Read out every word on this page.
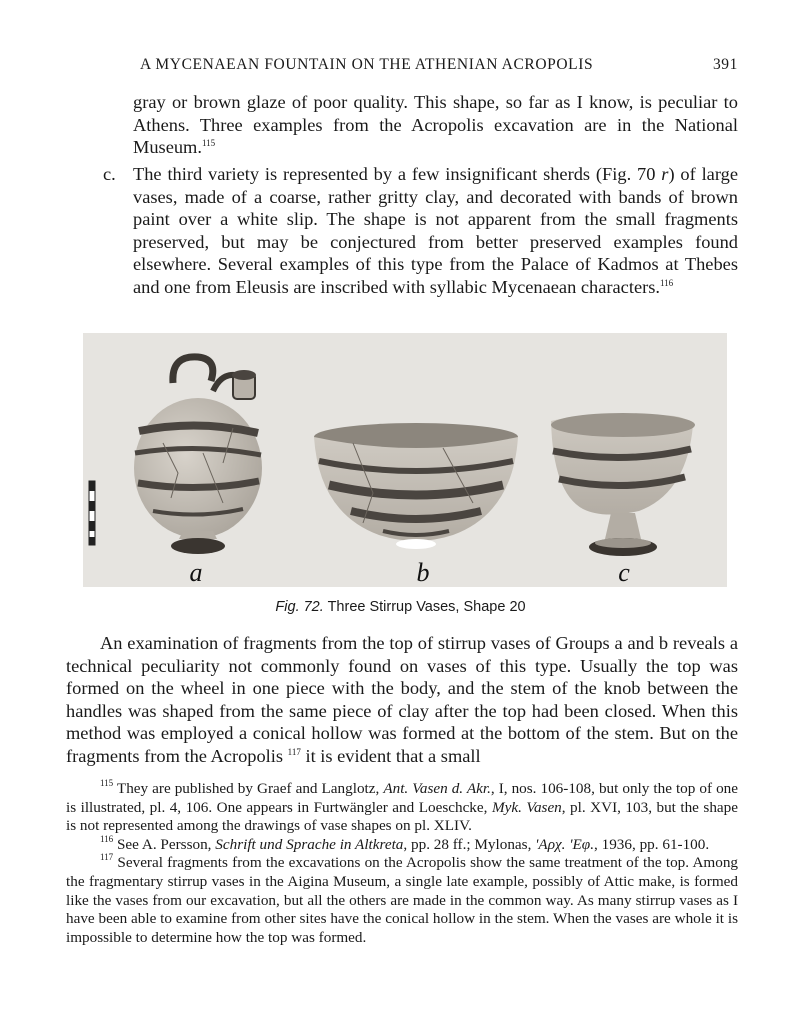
A MYCENAEAN FOUNTAIN ON THE ATHENIAN ACROPOLIS	391
gray or brown glaze of poor quality. This shape, so far as I know, is peculiar to Athens. Three examples from the Acropolis excavation are in the National Museum.$^{115}$
c. The third variety is represented by a few insignificant sherds (Fig. 70 r) of large vases, made of a coarse, rather gritty clay, and decorated with bands of brown paint over a white slip. The shape is not apparent from the small fragments preserved, but may be conjectured from better preserved examples found elsewhere. Several examples of this type from the Palace of Kadmos at Thebes and one from Eleusis are inscribed with syllabic Mycenaean characters.$^{116}$
a	b	c
Fig. 72. Three Stirrup Vases, Shape 20

An examination of fragments from the top of stirrup vases of Groups a and b reveals a technical peculiarity not commonly found on vases of this type. Usually the top was formed on the wheel in one piece with the body, and the stem of the knob between the handles was shaped from the same piece of clay after the top had been closed. When this method was employed a conical hollow was formed at the bottom of the stem. But on the fragments from the Acropolis $^{117}$ it is evident that a small

$^{115}$ They are published by Graef and Langlotz, Ant. Vasen d. Akr., I, nos. 106-108, but only the top of one is illustrated, pl. 4, 106. One appears in Furtwängler and Loeschcke, Myk. Vasen, pl. XVI, 103, but the shape is not represented among the drawings of vase shapes on pl. XLIV.

$^{116}$ See A. Persson, Schrift und Sprache in Altkreta, pp. 28 ff.; Mylonas, 'Αρχ. 'Εφ., 1936, pp. 61-100.

$^{117}$ Several fragments from the excavations on the Acropolis show the same treatment of the top. Among the fragmentary stirrup vases in the Aigina Museum, a single late example, possibly of Attic make, is formed like the vases from our excavation, but all the others are made in the common way. As many stirrup vases as I have been able to examine from other sites have the conical hollow in the stem. When the vases are whole it is impossible to determine how the top was formed.
